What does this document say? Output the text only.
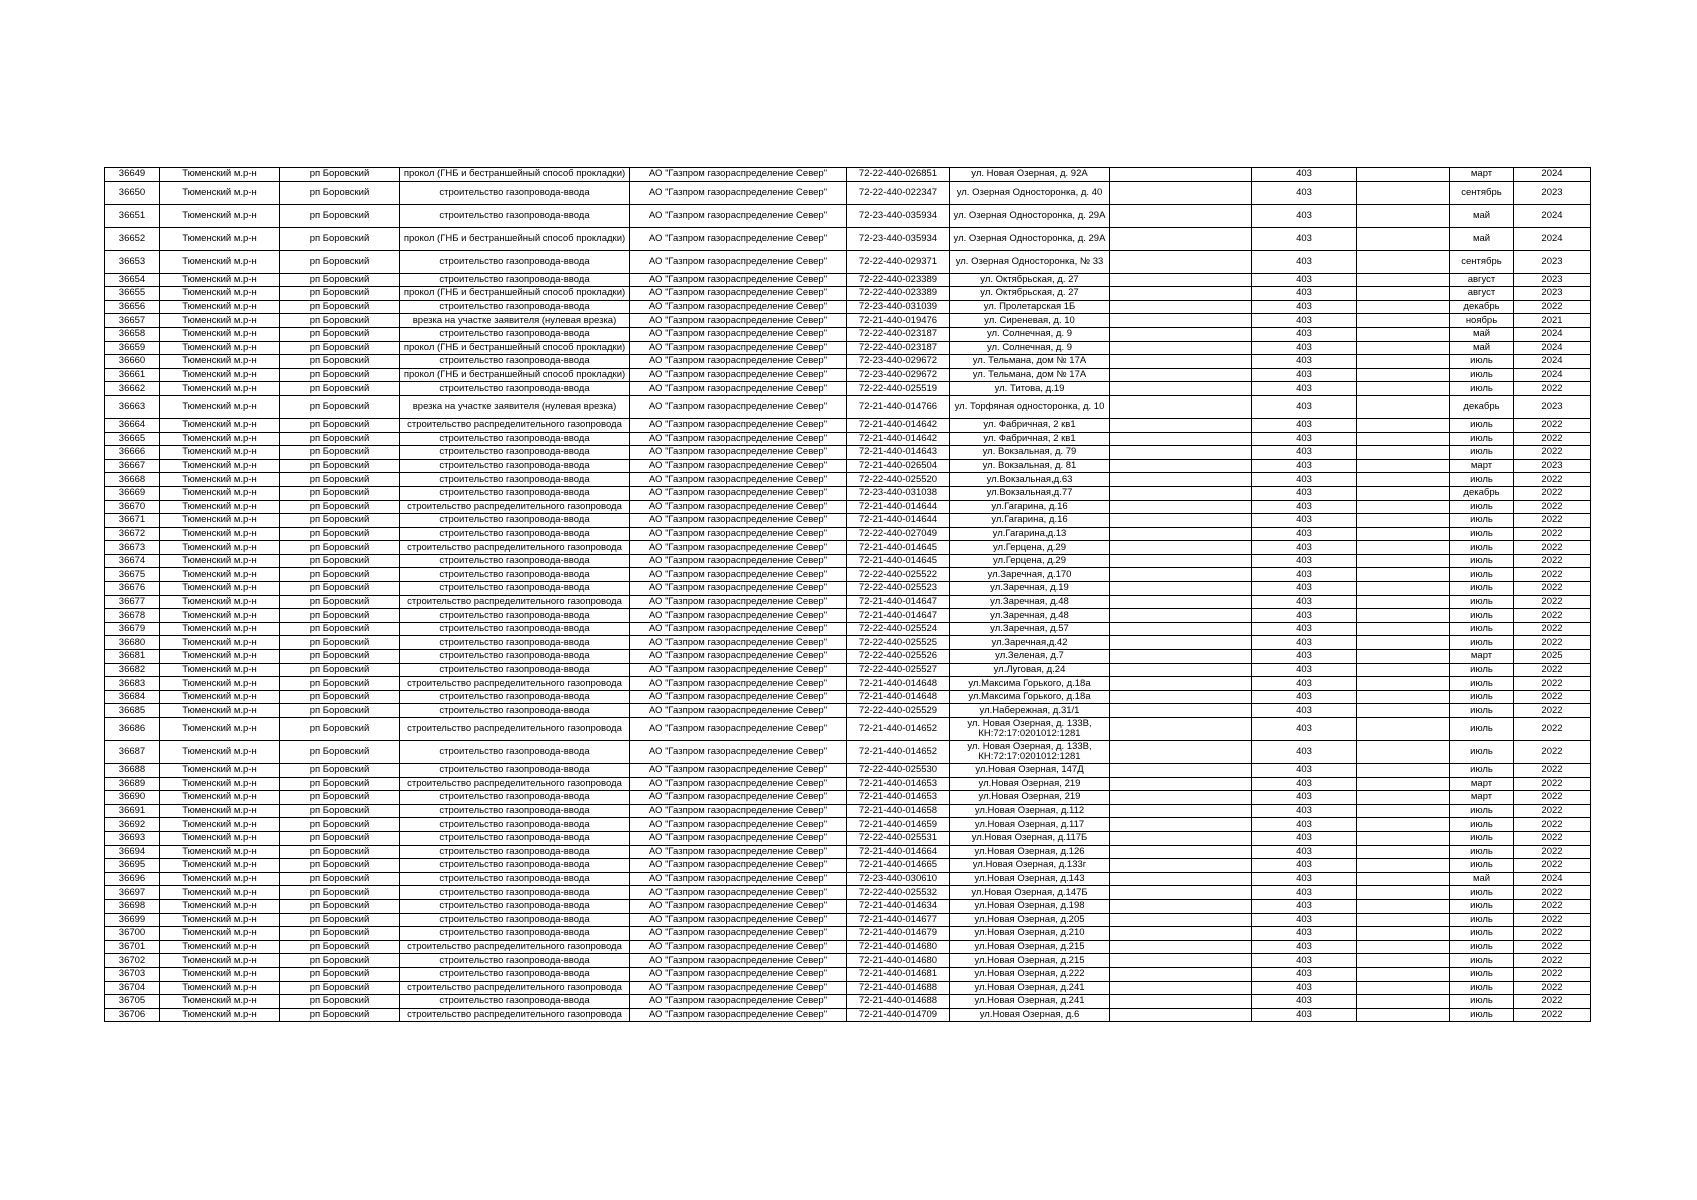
36649	Тюменский м.р-н	рп Боровский	прокол (ГНБ и бестраншейный способ прокладки)	АО "Газпром газораспределение Север"	72-22-440-026851	ул. Новая Озерная, д. 92А		403		март	2024
36650	Тюменский м.р-н	рп Боровский	строительство газопровода-ввода	АО "Газпром газораспределение Север"	72-22-440-022347	ул. Озерная Односторонка, д. 40		403		сентябрь	2023
36651	Тюменский м.р-н	рп Боровский	строительство газопровода-ввода	АО "Газпром газораспределение Север"	72-23-440-035934	ул. Озерная Односторонка, д. 29А		403		май	2024
36652	Тюменский м.р-н	рп Боровский	прокол (ГНБ и бестраншейный способ прокладки)	АО "Газпром газораспределение Север"	72-23-440-035934	ул. Озерная Односторонка, д. 29А		403		май	2024
36653	Тюменский м.р-н	рп Боровский	строительство газопровода-ввода	АО "Газпром газораспределение Север"	72-22-440-029371	ул. Озерная Односторонка, № 33		403		сентябрь	2023
36654	Тюменский м.р-н	рп Боровский	строительство газопровода-ввода	АО "Газпром газораспределение Север"	72-22-440-023389	ул. Октябрьская, д. 27		403		август	2023
36655	Тюменский м.р-н	рп Боровский	прокол (ГНБ и бестраншейный способ прокладки)	АО "Газпром газораспределение Север"	72-22-440-023389	ул. Октябрьская, д. 27		403		август	2023
36656	Тюменский м.р-н	рп Боровский	строительство газопровода-ввода	АО "Газпром газораспределение Север"	72-23-440-031039	ул. Пролетарская 1Б		403		декабрь	2022
36657	Тюменский м.р-н	рп Боровский	врезка на участке заявителя (нулевая врезка)	АО "Газпром газораспределение Север"	72-21-440-019476	ул. Сиреневая, д. 10		403		ноябрь	2021
36658	Тюменский м.р-н	рп Боровский	строительство газопровода-ввода	АО "Газпром газораспределение Север"	72-22-440-023187	ул. Солнечная, д. 9		403		май	2024
36659	Тюменский м.р-н	рп Боровский	прокол (ГНБ и бестраншейный способ прокладки)	АО "Газпром газораспределение Север"	72-22-440-023187	ул. Солнечная, д. 9		403		май	2024
36660	Тюменский м.р-н	рп Боровский	строительство газопровода-ввода	АО "Газпром газораспределение Север"	72-23-440-029672	ул. Тельмана, дом № 17А		403		июль	2024
36661	Тюменский м.р-н	рп Боровский	прокол (ГНБ и бестраншейный способ прокладки)	АО "Газпром газораспределение Север"	72-23-440-029672	ул. Тельмана, дом № 17А		403		июль	2024
36662	Тюменский м.р-н	рп Боровский	строительство газопровода-ввода	АО "Газпром газораспределение Север"	72-22-440-025519	ул. Титова, д.19		403		июль	2022
36663	Тюменский м.р-н	рп Боровский	врезка на участке заявителя (нулевая врезка)	АО "Газпром газораспределение Север"	72-21-440-014766	ул. Торфяная односторонка, д. 10		403		декабрь	2023
36664	Тюменский м.р-н	рп Боровский	строительство распределительного газопровода	АО "Газпром газораспределение Север"	72-21-440-014642	ул. Фабричная, 2 кв1		403		июль	2022
36665	Тюменский м.р-н	рп Боровский	строительство газопровода-ввода	АО "Газпром газораспределение Север"	72-21-440-014642	ул. Фабричная, 2 кв1		403		июль	2022
36666	Тюменский м.р-н	рп Боровский	строительство газопровода-ввода	АО "Газпром газораспределение Север"	72-21-440-014643	ул. Вокзальная, д. 79		403		июль	2022
36667	Тюменский м.р-н	рп Боровский	строительство газопровода-ввода	АО "Газпром газораспределение Север"	72-21-440-026504	ул. Вокзальная, д. 81		403		март	2023
36668	Тюменский м.р-н	рп Боровский	строительство газопровода-ввода	АО "Газпром газораспределение Север"	72-22-440-025520	ул.Вокзальная,д.63		403		июль	2022
36669	Тюменский м.р-н	рп Боровский	строительство газопровода-ввода	АО "Газпром газораспределение Север"	72-23-440-031038	ул.Вокзальная,д.77		403		декабрь	2022
36670	Тюменский м.р-н	рп Боровский	строительство распределительного газопровода	АО "Газпром газораспределение Север"	72-21-440-014644	ул.Гагарина, д.16		403		июль	2022
36671	Тюменский м.р-н	рп Боровский	строительство газопровода-ввода	АО "Газпром газораспределение Север"	72-21-440-014644	ул.Гагарина, д.16		403		июль	2022
36672	Тюменский м.р-н	рп Боровский	строительство газопровода-ввода	АО "Газпром газораспределение Север"	72-22-440-027049	ул.Гагарина,д.13		403		июль	2022
36673	Тюменский м.р-н	рп Боровский	строительство распределительного газопровода	АО "Газпром газораспределение Север"	72-21-440-014645	ул.Герцена, д.29		403		июль	2022
36674	Тюменский м.р-н	рп Боровский	строительство газопровода-ввода	АО "Газпром газораспределение Север"	72-21-440-014645	ул.Герцена, д.29		403		июль	2022
36675	Тюменский м.р-н	рп Боровский	строительство газопровода-ввода	АО "Газпром газораспределение Север"	72-22-440-025522	ул.Заречная, д.170		403		июль	2022
36676	Тюменский м.р-н	рп Боровский	строительство газопровода-ввода	АО "Газпром газораспределение Север"	72-22-440-025523	ул.Заречная, д.19		403		июль	2022
36677	Тюменский м.р-н	рп Боровский	строительство распределительного газопровода	АО "Газпром газораспределение Север"	72-21-440-014647	ул.Заречная, д.48		403		июль	2022
36678	Тюменский м.р-н	рп Боровский	строительство газопровода-ввода	АО "Газпром газораспределение Север"	72-21-440-014647	ул.Заречная, д.48		403		июль	2022
36679	Тюменский м.р-н	рп Боровский	строительство газопровода-ввода	АО "Газпром газораспределение Север"	72-22-440-025524	ул.Заречная, д.57		403		июль	2022
36680	Тюменский м.р-н	рп Боровский	строительство газопровода-ввода	АО "Газпром газораспределение Север"	72-22-440-025525	ул.Заречная,д.42		403		июль	2022
36681	Тюменский м.р-н	рп Боровский	строительство газопровода-ввода	АО "Газпром газораспределение Север"	72-22-440-025526	ул.Зеленая, д.7		403		март	2025
36682	Тюменский м.р-н	рп Боровский	строительство газопровода-ввода	АО "Газпром газораспределение Север"	72-22-440-025527	ул.Луговая, д.24		403		июль	2022
36683	Тюменский м.р-н	рп Боровский	строительство распределительного газопровода	АО "Газпром газораспределение Север"	72-21-440-014648	ул.Максима Горького, д.18а		403		июль	2022
36684	Тюменский м.р-н	рп Боровский	строительство газопровода-ввода	АО "Газпром газораспределение Север"	72-21-440-014648	ул.Максима Горького, д.18а		403		июль	2022
36685	Тюменский м.р-н	рп Боровский	строительство газопровода-ввода	АО "Газпром газораспределение Север"	72-22-440-025529	ул.Набережная, д.31/1		403		июль	2022
36686	Тюменский м.р-н	рп Боровский	строительство распределительного газопровода	АО "Газпром газораспределение Север"	72-21-440-014652	ул. Новая Озерная, д. 133В, КН:72:17:0201012:1281		403		июль	2022
36687	Тюменский м.р-н	рп Боровский	строительство газопровода-ввода	АО "Газпром газораспределение Север"	72-21-440-014652	ул. Новая Озерная, д. 133В, КН:72:17:0201012:1281		403		июль	2022
36688	Тюменский м.р-н	рп Боровский	строительство газопровода-ввода	АО "Газпром газораспределение Север"	72-22-440-025530	ул.Новая Озерная, 147Д		403		июль	2022
36689	Тюменский м.р-н	рп Боровский	строительство распределительного газопровода	АО "Газпром газораспределение Север"	72-21-440-014653	ул.Новая Озерная, 219		403		март	2022
36690	Тюменский м.р-н	рп Боровский	строительство газопровода-ввода	АО "Газпром газораспределение Север"	72-21-440-014653	ул.Новая Озерная, 219		403		март	2022
36691	Тюменский м.р-н	рп Боровский	строительство газопровода-ввода	АО "Газпром газораспределение Север"	72-21-440-014658	ул.Новая Озерная, д.112		403		июль	2022
36692	Тюменский м.р-н	рп Боровский	строительство газопровода-ввода	АО "Газпром газораспределение Север"	72-21-440-014659	ул.Новая Озерная, д.117		403		июль	2022
36693	Тюменский м.р-н	рп Боровский	строительство газопровода-ввода	АО "Газпром газораспределение Север"	72-22-440-025531	ул.Новая Озерная, д.117Б		403		июль	2022
36694	Тюменский м.р-н	рп Боровский	строительство газопровода-ввода	АО "Газпром газораспределение Север"	72-21-440-014664	ул.Новая Озерная, д.126		403		июль	2022
36695	Тюменский м.р-н	рп Боровский	строительство газопровода-ввода	АО "Газпром газораспределение Север"	72-21-440-014665	ул.Новая Озерная, д.133г		403		июль	2022
36696	Тюменский м.р-н	рп Боровский	строительство газопровода-ввода	АО "Газпром газораспределение Север"	72-23-440-030610	ул.Новая Озерная, д.143		403		май	2024
36697	Тюменский м.р-н	рп Боровский	строительство газопровода-ввода	АО "Газпром газораспределение Север"	72-22-440-025532	ул.Новая Озерная, д.147Б		403		июль	2022
36698	Тюменский м.р-н	рп Боровский	строительство газопровода-ввода	АО "Газпром газораспределение Север"	72-21-440-014634	ул.Новая Озерная, д.198		403		июль	2022
36699	Тюменский м.р-н	рп Боровский	строительство газопровода-ввода	АО "Газпром газораспределение Север"	72-21-440-014677	ул.Новая Озерная, д.205		403		июль	2022
36700	Тюменский м.р-н	рп Боровский	строительство газопровода-ввода	АО "Газпром газораспределение Север"	72-21-440-014679	ул.Новая Озерная, д.210		403		июль	2022
36701	Тюменский м.р-н	рп Боровский	строительство распределительного газопровода	АО "Газпром газораспределение Север"	72-21-440-014680	ул.Новая Озерная, д.215		403		июль	2022
36702	Тюменский м.р-н	рп Боровский	строительство газопровода-ввода	АО "Газпром газораспределение Север"	72-21-440-014680	ул.Новая Озерная, д.215		403		июль	2022
36703	Тюменский м.р-н	рп Боровский	строительство газопровода-ввода	АО "Газпром газораспределение Север"	72-21-440-014681	ул.Новая Озерная, д.222		403		июль	2022
36704	Тюменский м.р-н	рп Боровский	строительство распределительного газопровода	АО "Газпром газораспределение Север"	72-21-440-014688	ул.Новая Озерная, д.241		403		июль	2022
36705	Тюменский м.р-н	рп Боровский	строительство газопровода-ввода	АО "Газпром газораспределение Север"	72-21-440-014688	ул.Новая Озерная, д.241		403		июль	2022
36706	Тюменский м.р-н	рп Боровский	строительство распределительного газопровода	АО "Газпром газораспределение Север"	72-21-440-014709	ул.Новая Озерная, д.6		403		июль	2022
